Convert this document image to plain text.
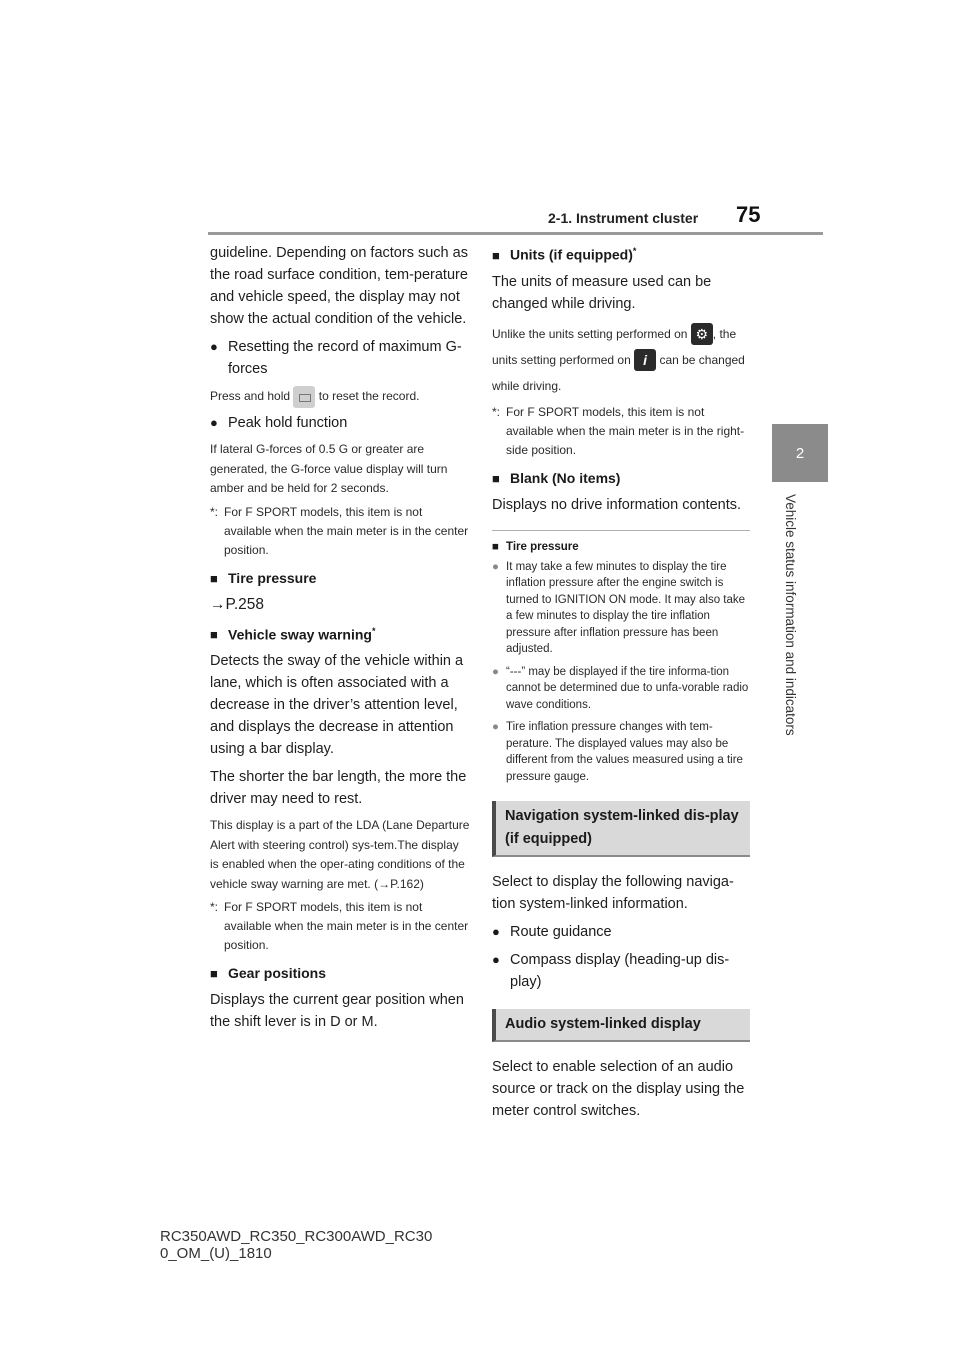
2-1. Instrument cluster 75
2
Vehicle status information and indicators

guideline. Depending on factors such as the road surface condition, tem-perature and vehicle speed, the display may not show the actual condition of the vehicle.

● Resetting the record of maximum G-forces

Press and hold to reset the record.

● Peak hold function

If lateral G-forces of 0.5 G or greater are generated, the G-force value display will turn amber and be held for 2 seconds.

*: For F SPORT models, this item is not available when the main meter is in the center position.
■ Tire pressure

→P.258

■ Vehicle sway warning*

Detects the sway of the vehicle within a lane, which is often associated with a decrease in the driver’s attention level, and displays the decrease in attention using a bar display.

The shorter the bar length, the more the driver may need to rest.

This display is a part of the LDA (Lane Departure Alert with steering control) sys-tem.The display is enabled when the oper-ating conditions of the vehicle sway warning are met. (→P.162)

*: For F SPORT models, this item is not available when the main meter is in the center position.
■ Gear positions

Displays the current gear position when the shift lever is in D or M.

■ Units (if equipped)*

The units of measure used can be changed while driving.

Unlike the units setting performed on ⚙ , the units setting performed on i can be changed while driving.

*: For F SPORT models, this item is not available when the main meter is in the right-side position.
■ Blank (No items)

Displays no drive information contents.

■ Tire pressure
● It may take a few minutes to display the tire inflation pressure after the engine switch is turned to IGNITION ON mode. It may also take a few minutes to display the tire inflation pressure after inflation pressure has been adjusted.
● “---” may be displayed if the tire informa-tion cannot be determined due to unfa-vorable radio wave conditions.
● Tire inflation pressure changes with tem-perature. The displayed values may also be different from the values measured using a tire pressure gauge.
Navigation system-linked dis-play (if equipped)

Select to display the following naviga-tion system-linked information.

● Route guidance
● Compass display (heading-up dis-play)
Audio system-linked display

Select to enable selection of an audio source or track on the display using the meter control switches.

RC350AWD_RC350_RC300AWD_RC30
0_OM_(U)_1810
